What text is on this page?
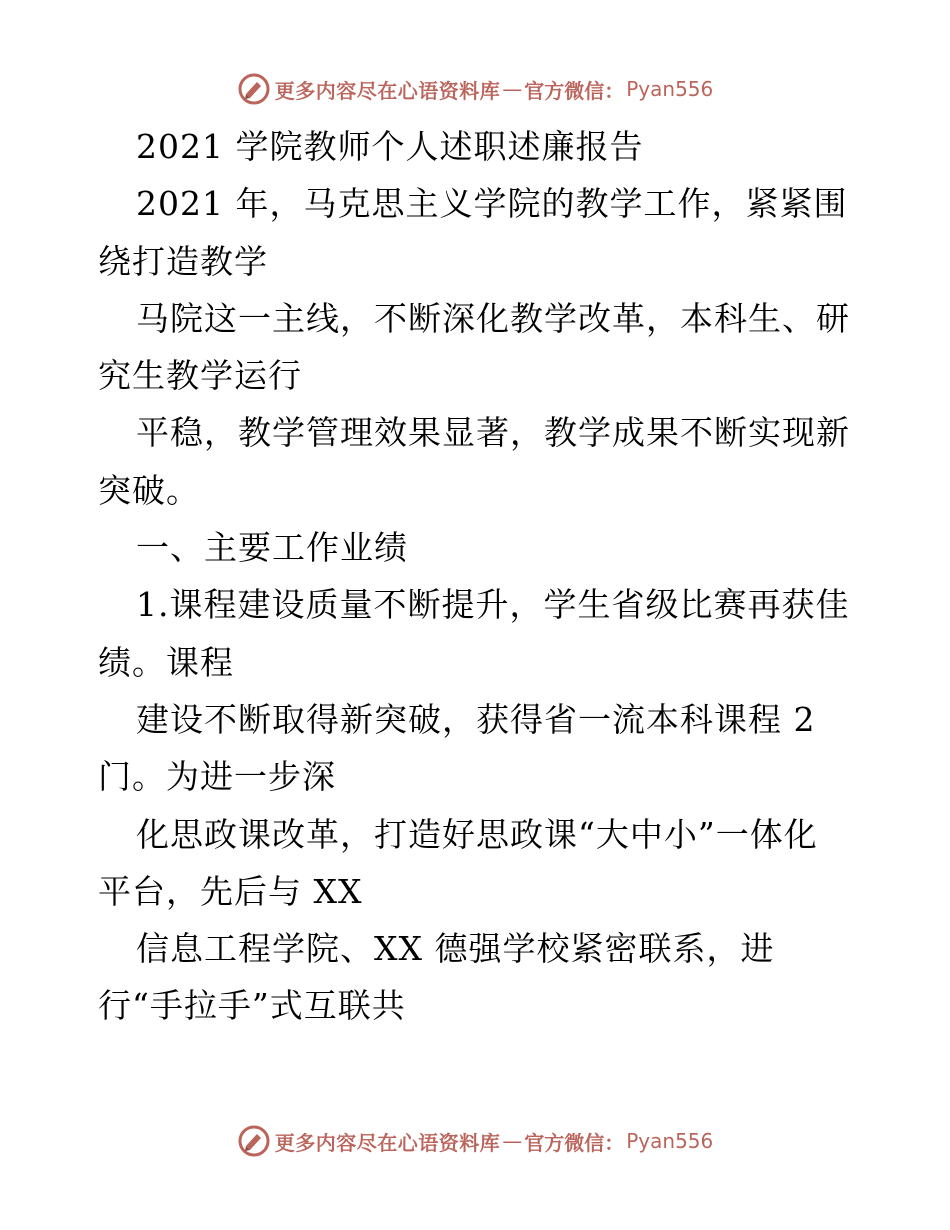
更多内容尽在心语资料库 — 官方微信： Pyan556
2021 学院教师个人述职述廉报告
2021 年，马克思主义学院的教学工作，紧紧围
绕打造教学
马院这一主线，不断深化教学改革，本科生、研
究生教学运行
平稳，教学管理效果显著，教学成果不断实现新
突破。
一、主要工作业绩
1.课程建设质量不断提升，学生省级比赛再获佳
绩。课程
建设不断取得新突破，获得省一流本科课程 2
门。为进一步深
化思政课改革，打造好思政课“大中小”一体化
平台，先后与 XX
信息工程学院、XX 德强学校紧密联系，进
行“手拉手”式互联共
更多内容尽在心语资料库 — 官方微信： Pyan556
